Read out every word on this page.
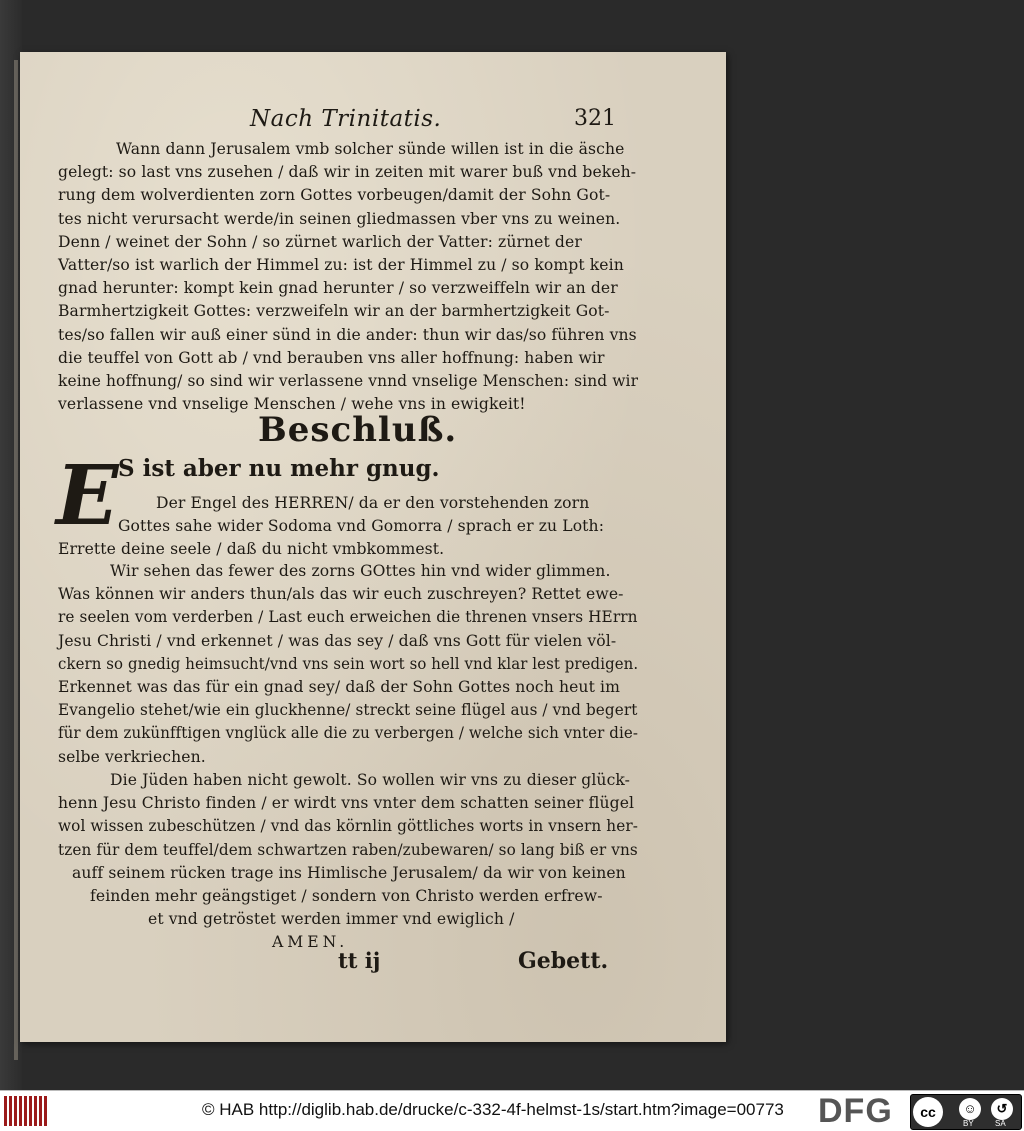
Nach Trinitatis.	321
Wann dann Jerusalem vmb solcher sünde willen ist in die äsche
gelegt: so last vns zusehen / daß wir in zeiten mit warer buß vnd bekeh-
rung dem wolverdienten zorn Gottes vorbeugen/damit der Sohn Got-
tes nicht verursacht werde/in seinen gliedmassen vber vns zu weinen.
Denn / weinet der Sohn / so zürnet warlich der Vatter: zürnet der
Vatter/so ist warlich der Himmel zu: ist der Himmel zu / so kompt kein
gnad herunter: kompt kein gnad herunter / so verzweiffeln wir an der
Barmhertzigkeit Gottes: verzweifeln wir an der barmhertzigkeit Got-
tes/so fallen wir auß einer sünd in die ander: thun wir das/so führen vns
die teuffel von Gott ab / vnd berauben vns aller hoffnung: haben wir
keine hoffnung/ so sind wir verlassene vnnd vnselige Menschen: sind wir
verlassene vnd vnselige Menschen / wehe vns in ewigkeit!
Beschluß.
E S ist aber nu mehr gnug.
Der Engel des HERREN/ da er den vorstehenden zorn
Gottes sahe wider Sodoma vnd Gomorra / sprach er zu Loth:
Errette deine seele / daß du nicht vmbkommest.
Wir sehen das fewer des zorns GOttes hin vnd wider glimmen.
Was können wir anders thun/als das wir euch zuschreyen? Rettet ewe-
re seelen vom verderben / Last euch erweichen die threnen vnsers HErrn
Jesu Christi / vnd erkennet / was das sey / daß vns Gott für vielen völ-
ckern so gnedig heimsucht/vnd vns sein wort so hell vnd klar lest predigen.
Erkennet was das für ein gnad sey/ daß der Sohn Gottes noch heut im
Evangelio stehet/wie ein gluckhenne/ streckt seine flügel aus / vnd begert
für dem zukünfftigen vnglück alle die zu verbergen / welche sich vnter die-
selbe verkriechen.
Die Jüden haben nicht gewolt. So wollen wir vns zu dieser glück-
henn Jesu Christo finden / er wirdt vns vnter dem schatten seiner flügel
wol wissen zubeschützen / vnd das körnlin göttliches worts in vnsern her-
tzen für dem teuffel/dem schwartzen raben/zubewaren/ so lang biß er vns
auff seinem rücken trage ins Himlische Jerusalem/ da wir von keinen
feinden mehr geängstiget / sondern von Christo werden erfrew-
et vnd getröstet werden immer vnd ewiglich /
AMEN.
tt ij	Gebett.
© HAB http://diglib.hab.de/drucke/c-332-4f-helmst-1s/start.htm?image=00773 DFG	cc	☺	↺
BY	SA
